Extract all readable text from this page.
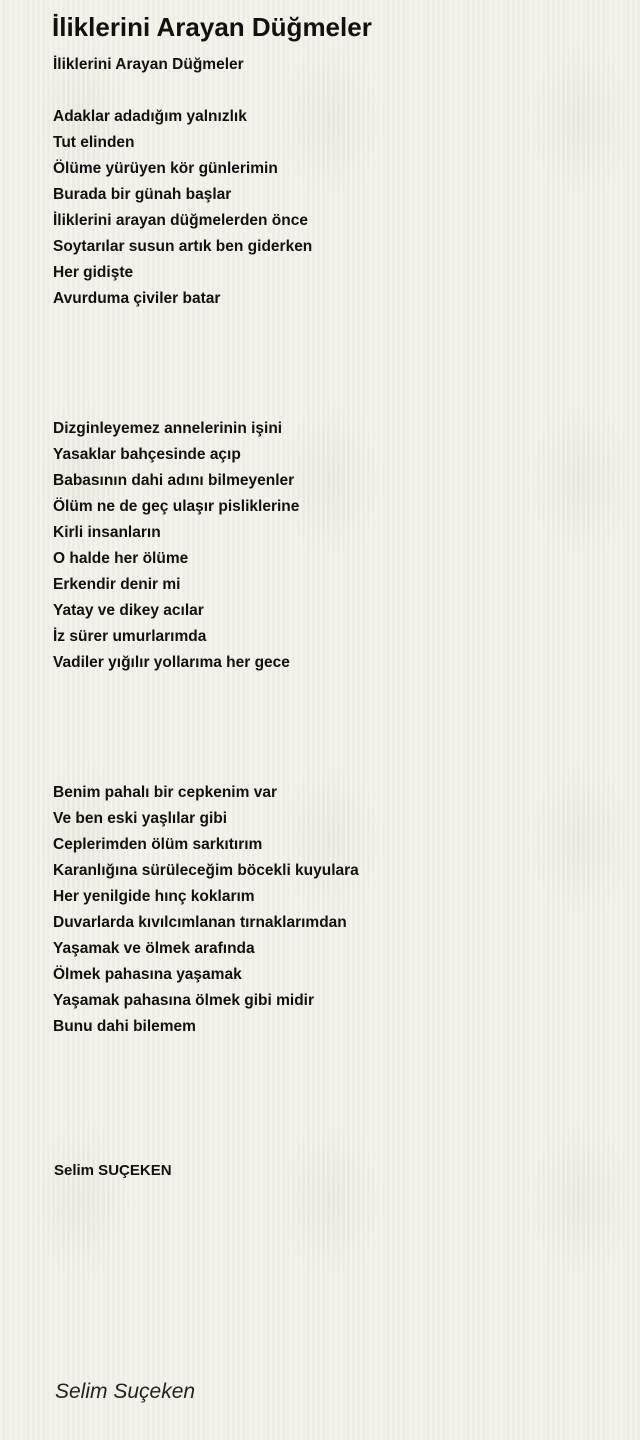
İliklerini Arayan Düğmeler
İliklerini Arayan Düğmeler
Adaklar adadığım yalnızlık
Tut elinden
Ölüme yürüyen kör günlerimin
Burada bir günah başlar
İliklerini arayan düğmelerden önce
Soytarılar susun artık ben giderken
Her gidişte
Avurduma çiviler batar
Dizginleyemez annelerinin işini
Yasaklar bahçesinde açıp
Babasının dahi adını bilmeyenler
Ölüm ne de geç ulaşır pisliklerine
Kirli insanların
O halde her ölüme
Erkendir denir mi
Yatay ve dikey acılar
İz sürer umurlarımda
Vadiler yığılır yollarıma her gece
Benim pahalı bir cepkenim var
Ve ben eski yaşlılar gibi
Ceplerimden ölüm sarkıtırım
Karanlığına sürüleceğim böcekli kuyulara
Her yenilgide hınç koklarım
Duvarlarda kıvılcımlanan tırnaklarımdan
Yaşamak ve ölmek arafında
Ölmek pahasına yaşamak
Yaşamak pahasına ölmek gibi midir
Bunu dahi bilemem
Selim SUÇEKEN
Selim Suçeken
